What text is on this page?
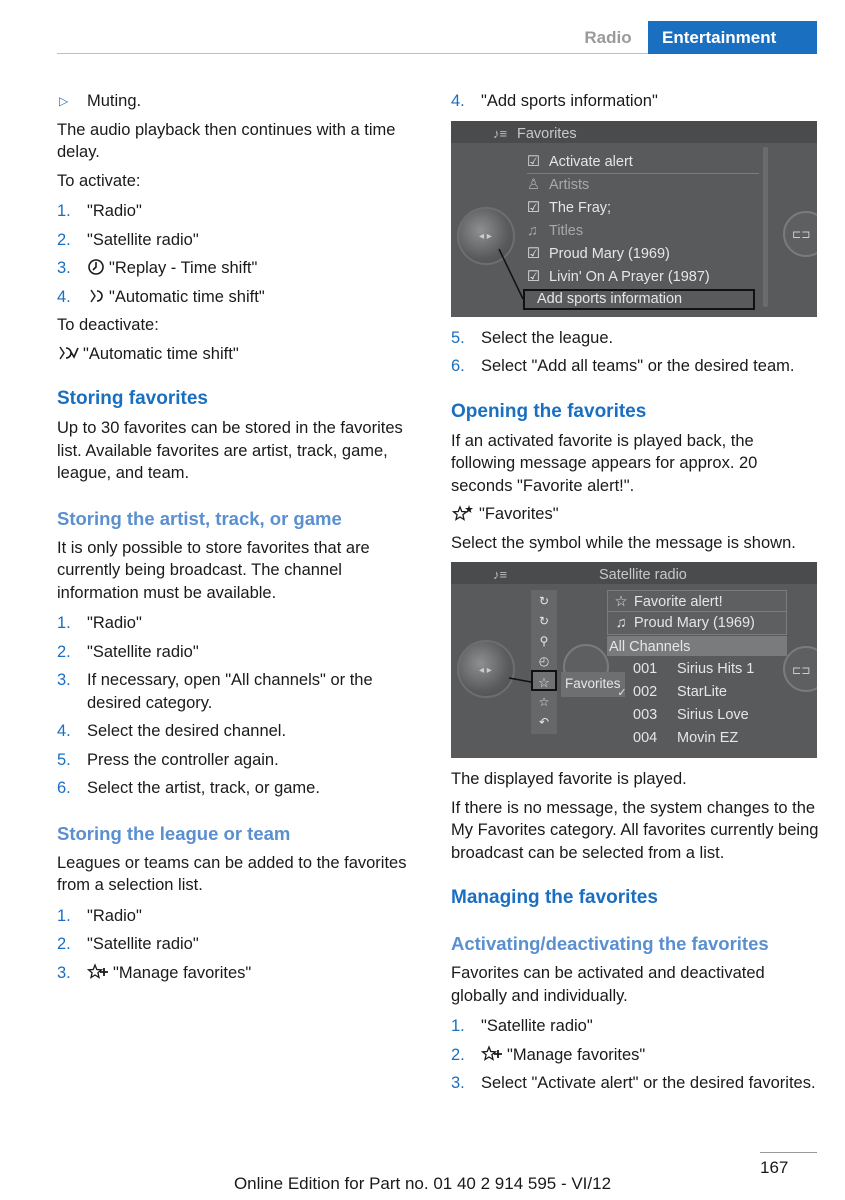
Radio	Entertainment
▷ Muting.

The audio playback then continues with a time delay.

To activate:

1. "Radio"
2. "Satellite radio"
3. "Replay - Time shift"
4. "Automatic time shift"

To deactivate:

"Automatic time shift"

Storing favorites

Up to 30 favorites can be stored in the favorites list. Available favorites are artist, track, game, league, and team.

Storing the artist, track, or game

It is only possible to store favorites that are currently being broadcast. The channel information must be available.

1. "Radio"
2. "Satellite radio"
3. If necessary, open "All channels" or the desired category.
4. Select the desired channel.
5. Press the controller again.
6. Select the artist, track, or game.
Storing the league or team

Leagues or teams can be added to the favorites from a selection list.

1. "Radio"
2. "Satellite radio"
3.	"Manage favorites"
4. "Add sports information"
♪≡ Favorites
◂ ▸	⊏⊐
☑ Activate alert
♙ Artists
☑ The Fray;
♫ Titles
☑ Proud Mary (1969)
☑ Livin' On A Prayer (1987)
Add sports information
5. Select the league.
6. Select "Add all teams" or the desired team.
Opening the favorites

If an activated favorite is played back, the following message appears for approx. 20 seconds "Favorite alert!".

"Favorites"

Select the symbol while the message is shown.

♪≡	Satellite radio
◂ ▸	⊏⊐
↻
↻
⚲
◴
☆
☆
↶
Favorites
☆ Favorite alert!
♫ Proud Mary (1969)
All Channels
001 Sirius Hits 1
✓ 002 StarLite
003 Sirius Love
004 Movin EZ

The displayed favorite is played.

If there is no message, the system changes to the My Favorites category. All favorites currently being broadcast can be selected from a list.

Managing the favorites
Activating/deactivating the favorites

Favorites can be activated and deactivated globally and individually.

1. "Satellite radio"
2.	"Manage favorites"
3. Select "Activate alert" or the desired favorites.
167
Online Edition for Part no. 01 40 2 914 595 - VI/12
